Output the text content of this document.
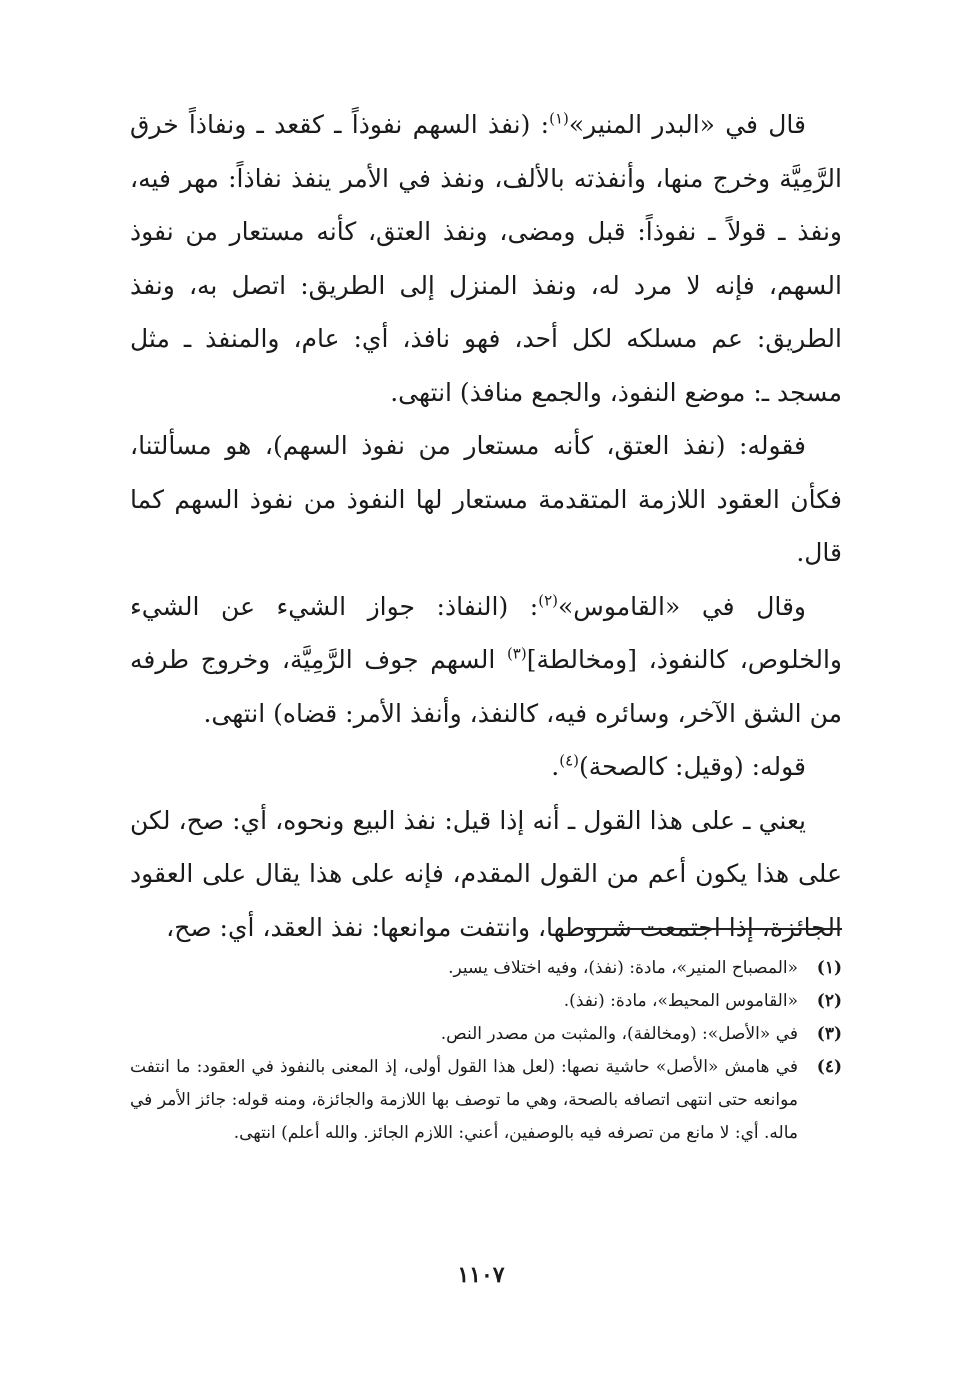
قال في «البدر المنير»$^{(١)}$: (نفذ السهم نفوذاً ـ كقعد ـ ونفاذاً خرق الرَّمِيَّة وخرج منها، وأنفذته بالألف، ونفذ في الأمر ينفذ نفاذاً: مهر فيه، ونفذ ـ قولاً ـ نفوذاً: قبل ومضى، ونفذ العتق، كأنه مستعار من نفوذ السهم، فإنه لا مرد له، ونفذ المنزل إلى الطريق: اتصل به، ونفذ الطريق: عم مسلكه لكل أحد، فهو نافذ، أي: عام، والمنفذ ـ مثل مسجد ـ: موضع النفوذ، والجمع منافذ) انتهى.

فقوله: (نفذ العتق، كأنه مستعار من نفوذ السهم)، هو مسألتنا، فكأن العقود اللازمة المتقدمة مستعار لها النفوذ من نفوذ السهم كما قال.

وقال في «القاموس»$^{(٢)}$: (النفاذ: جواز الشيء عن الشيء والخلوص، كالنفوذ، [ومخالطة]$^{(٣)}$ السهم جوف الرَّمِيَّة، وخروج طرفه من الشق الآخر، وسائره فيه، كالنفذ، وأنفذ الأمر: قضاه) انتهى.

قوله: (وقيل: كالصحة)$^{(٤)}$.

يعني ـ على هذا القول ـ أنه إذا قيل: نفذ البيع ونحوه، أي: صح، لكن على هذا يكون أعم من القول المقدم، فإنه على هذا يقال على العقود الجائزة، إذا اجتمعت شروطها، وانتفت موانعها: نفذ العقد، أي: صح،

(١)
«المصباح المنير»، مادة: (نفذ)، وفيه اختلاف يسير.
(٢)
«القاموس المحيط»، مادة: (نفذ).
(٣)
في «الأصل»: (ومخالفة)، والمثبت من مصدر النص.
(٤)
في هامش «الأصل» حاشية نصها: (لعل هذا القول أولى، إذ المعنى بالنفوذ في العقود: ما انتفت موانعه حتى انتهى اتصافه بالصحة، وهي ما توصف بها اللازمة والجائزة، ومنه قوله: جائز الأمر في ماله. أي: لا مانع من تصرفه فيه بالوصفين، أعني: اللازم الجائز. والله أعلم) انتهى.
١١٠٧
